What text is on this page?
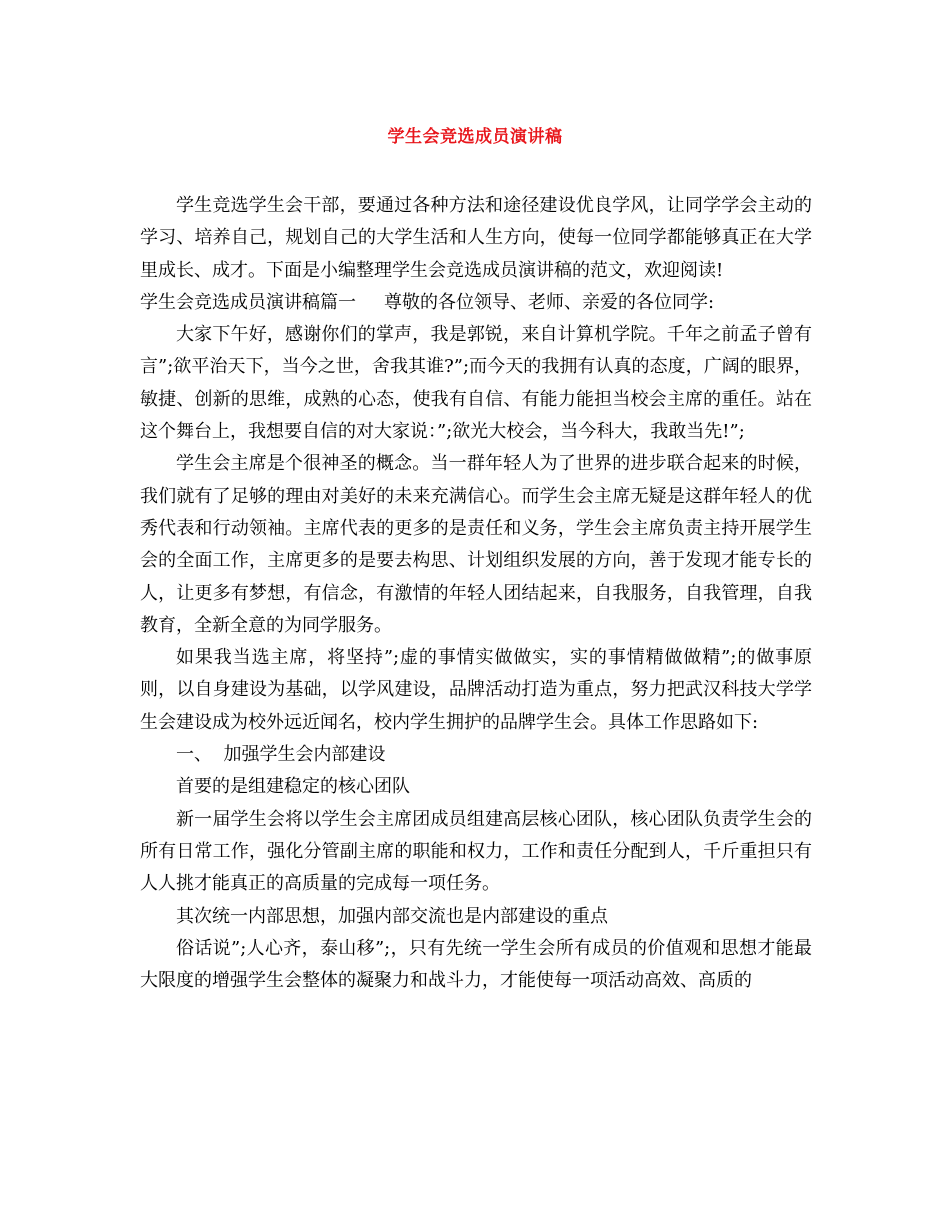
学生会竞选成员演讲稿

学生竞选学生会干部，要通过各种方法和途径建设优良学风，让同学学会主动的学习、培养自己，规划自己的大学生活和人生方向，使每一位同学都能够真正在大学里成长、成才。下面是小编整理学生会竞选成员演讲稿的范文，欢迎阅读!

学生会竞选成员演讲稿篇一 尊敬的各位领导、老师、亲爱的各位同学:

大家下午好，感谢你们的掌声，我是郭锐，来自计算机学院。千年之前孟子曾有言”;欲平治天下，当今之世，舍我其谁?”;而今天的我拥有认真的态度，广阔的眼界，敏捷、创新的思维，成熟的心态，使我有自信、有能力能担当校会主席的重任。站在这个舞台上，我想要自信的对大家说：”;欲光大校会，当今科大，我敢当先!”;

学生会主席是个很神圣的概念。当一群年轻人为了世界的进步联合起来的时候，我们就有了足够的理由对美好的未来充满信心。而学生会主席无疑是这群年轻人的优秀代表和行动领袖。主席代表的更多的是责任和义务，学生会主席负责主持开展学生会的全面工作，主席更多的是要去构思、计划组织发展的方向，善于发现才能专长的人，让更多有梦想，有信念，有激情的年轻人团结起来，自我服务，自我管理，自我教育，全新全意的为同学服务。

如果我当选主席，将坚持”;虚的事情实做做实，实的事情精做做精”;的做事原则，以自身建设为基础，以学风建设，品牌活动打造为重点，努力把武汉科技大学学生会建设成为校外远近闻名，校内学生拥护的品牌学生会。具体工作思路如下:

一、  加强学生会内部建设

首要的是组建稳定的核心团队

新一届学生会将以学生会主席团成员组建高层核心团队，核心团队负责学生会的所有日常工作，强化分管副主席的职能和权力，工作和责任分配到人，千斤重担只有人人挑才能真正的高质量的完成每一项任务。

其次统一内部思想，加强内部交流也是内部建设的重点

俗话说”;人心齐，泰山移”;，只有先统一学生会所有成员的价值观和思想才能最大限度的增强学生会整体的凝聚力和战斗力，才能使每一项活动高效、高质的
